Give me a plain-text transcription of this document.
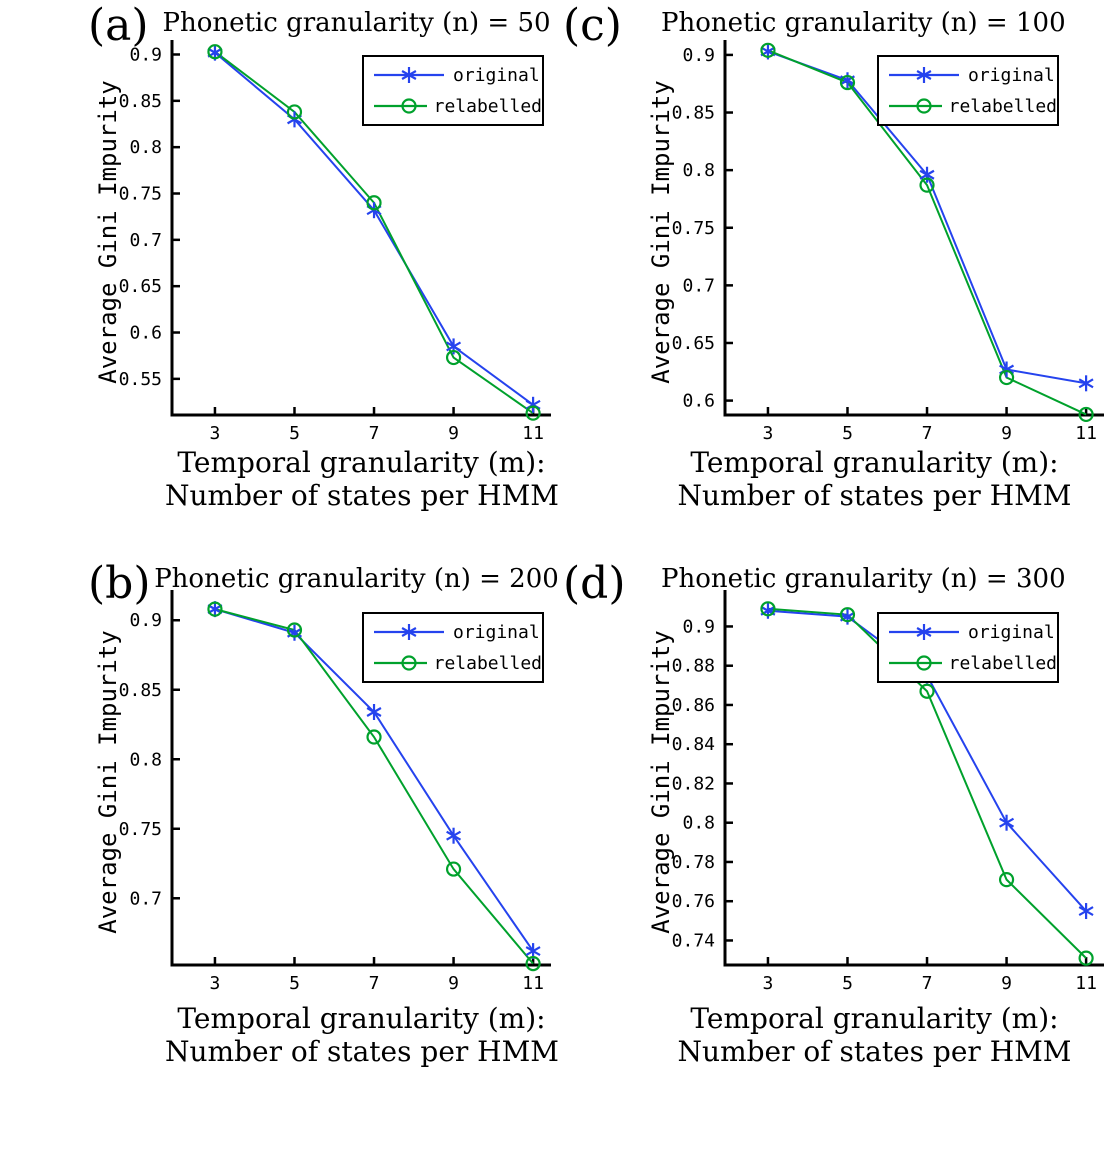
(a) Phonetic granularity (n) = 50
Average Gini Impurity
0.55
0.6
0.65
0.7
0.75
0.8
0.85
0.9
3	5	7	9	11
original
relabelled
Temporal granularity (m):
Number of states per HMM
(c) Phonetic granularity (n) = 100
Average Gini Impurity
0.6
0.65
0.7
0.75
0.8
0.85
0.9
3	5	7	9	11
original
relabelled
Temporal granularity (m):
Number of states per HMM
(b) Phonetic granularity (n) = 200
Average Gini Impurity 0.7
0.75
0.8
0.85
0.9
3	5	7	9	11
original
relabelled
Temporal granularity (m):
Number of states per HMM
(d) Phonetic granularity (n) = 300
Average Gini Impurity
0.74
0.76
0.78
0.8
0.82
0.84
0.86
0.88
0.9
3	5	7	9	11
original
relabelled
Temporal granularity (m):
Number of states per HMM
